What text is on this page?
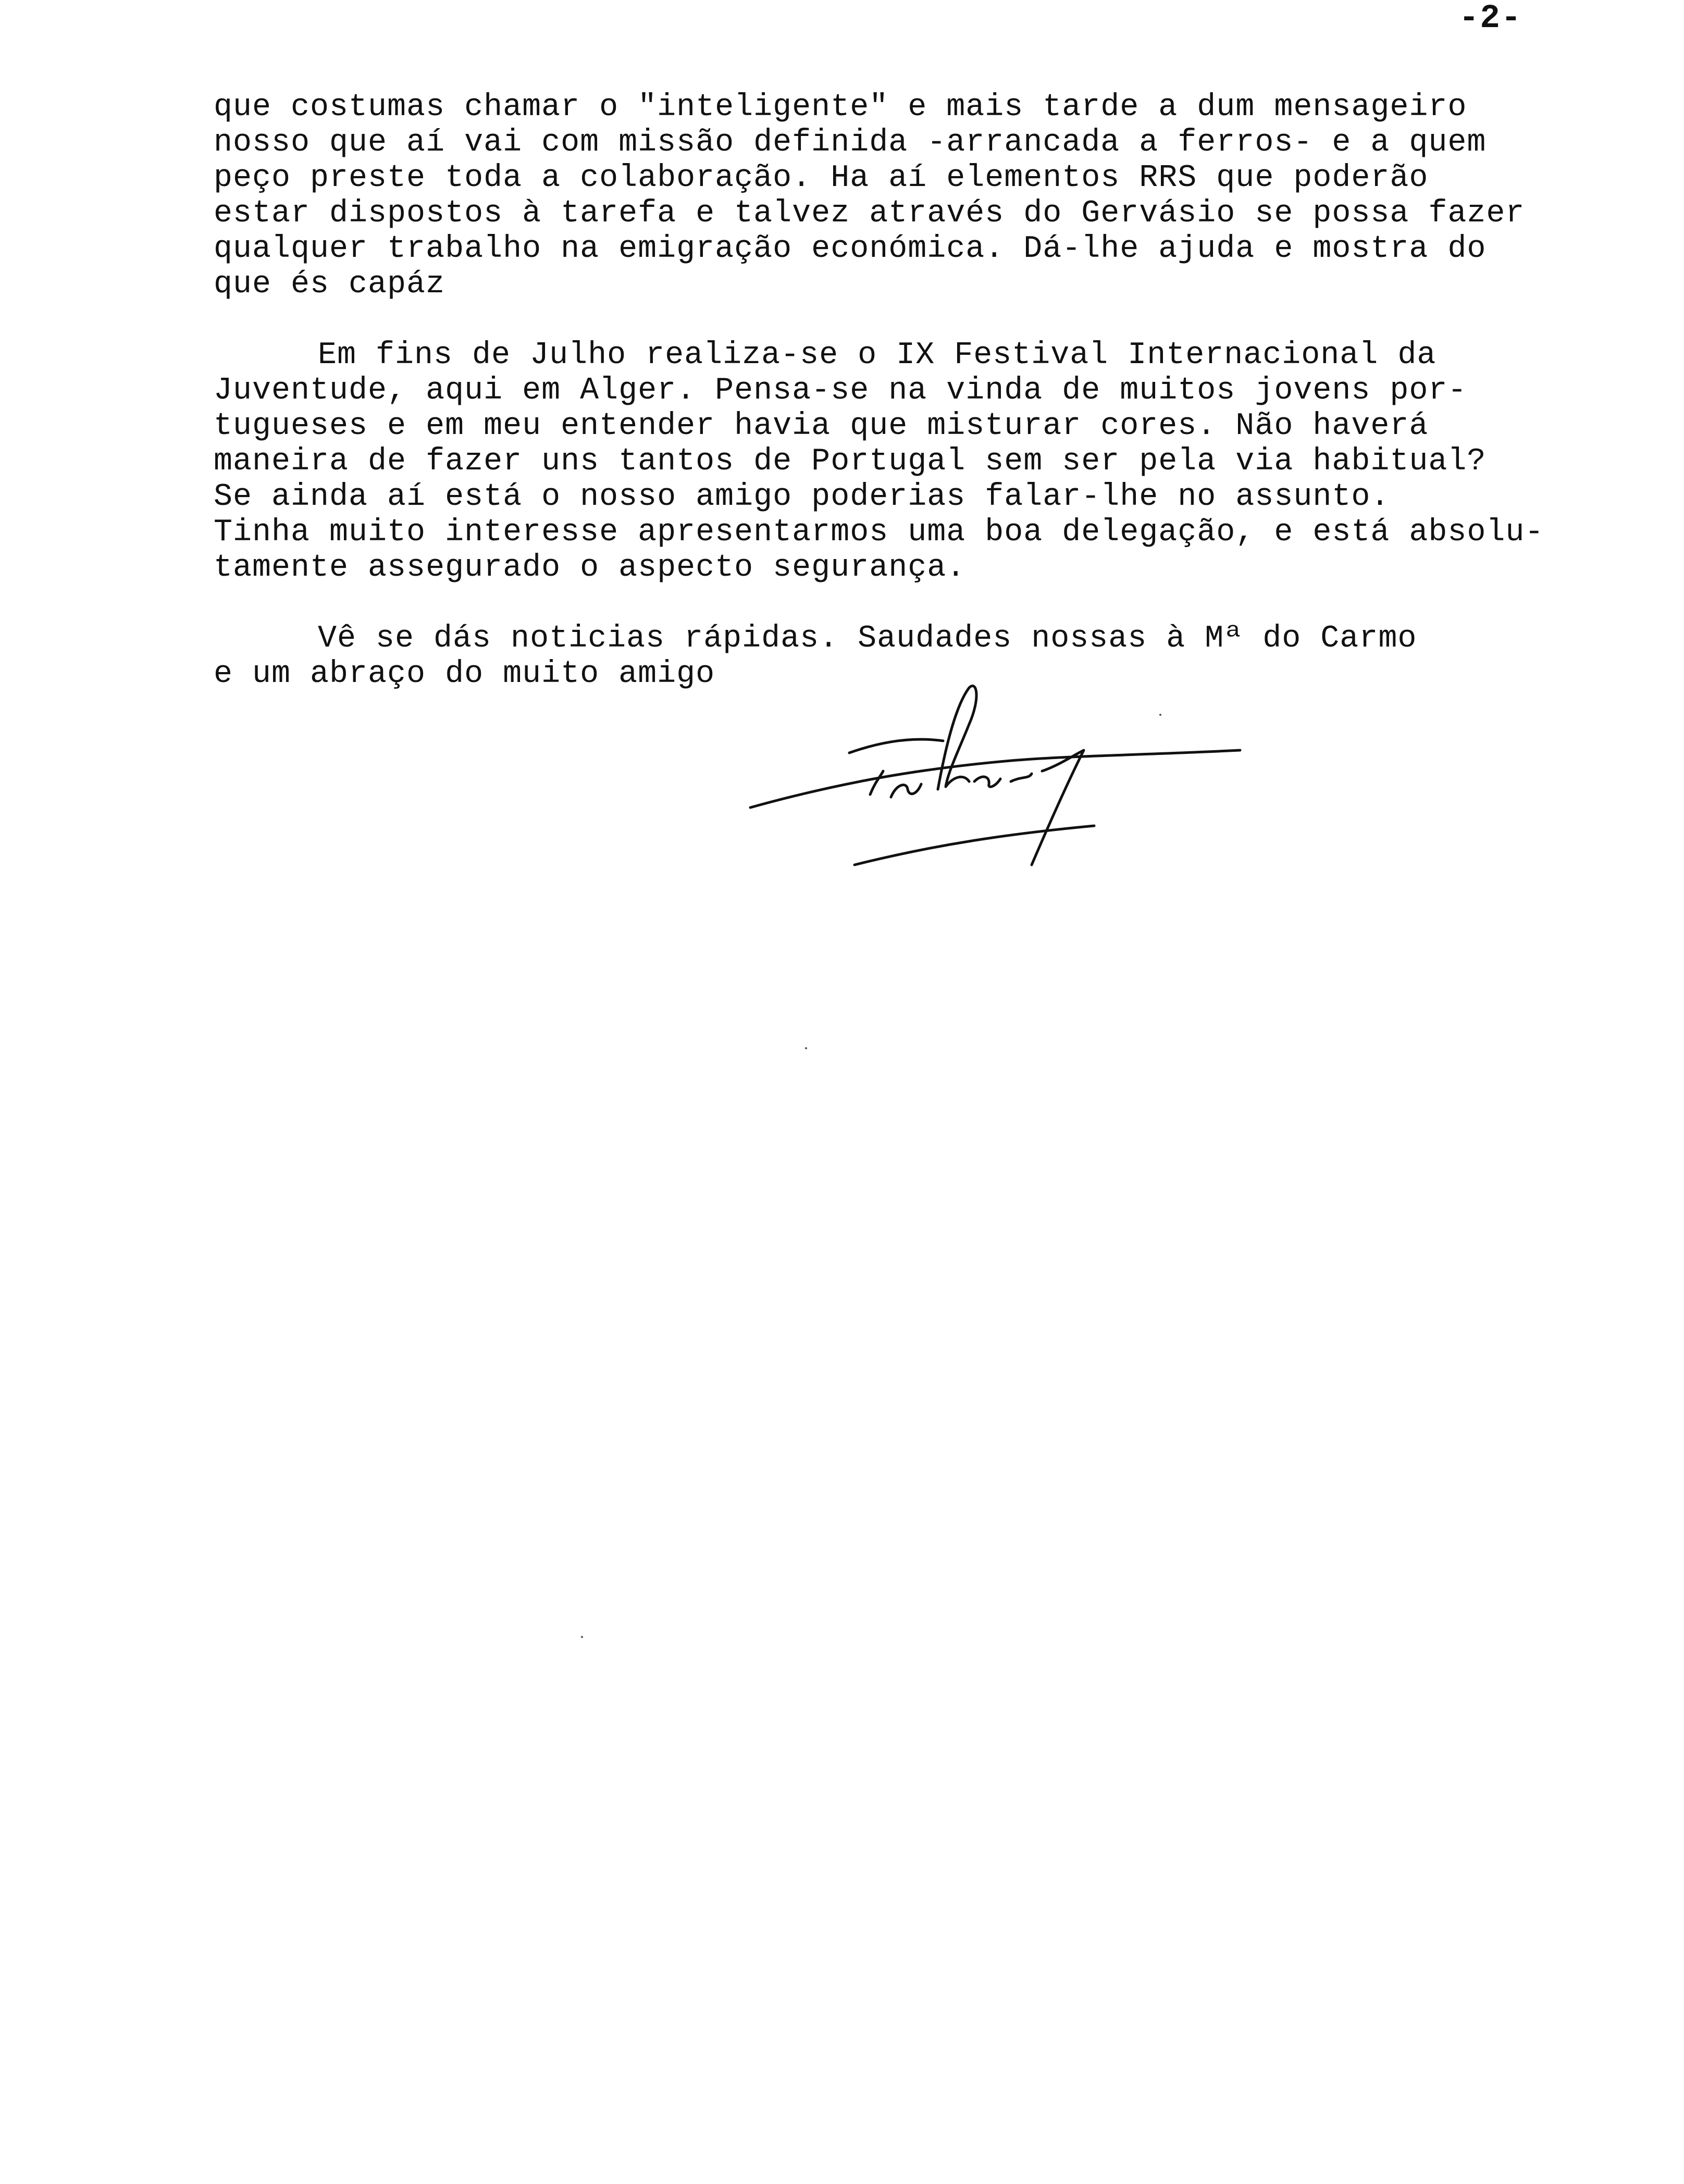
-2-
que costumas chamar o "inteligente" e mais tarde a dum mensageiro
nosso que aí vai com missão definida -arrancada a ferros- e a quem
peço preste toda a colaboração. Ha aí elementos RRS que poderão
estar dispostos à tarefa e talvez através do Gervásio se possa fazer
qualquer trabalho na emigração económica. Dá-lhe ajuda e mostra do
que és capáz
Em fins de Julho realiza-se o IX Festival Internacional da
Juventude, aqui em Alger. Pensa-se na vinda de muitos jovens por-
tugueses e em meu entender havia que misturar cores. Não haverá
maneira de fazer uns tantos de Portugal sem ser pela via habitual?
Se ainda aí está o nosso amigo poderias falar-lhe no assunto.
Tinha muito interesse apresentarmos uma boa delegação, e está absolu-
tamente assegurado o aspecto segurança.
Vê se dás noticias rápidas. Saudades nossas à Mª do Carmo
e um abraço do muito amigo
